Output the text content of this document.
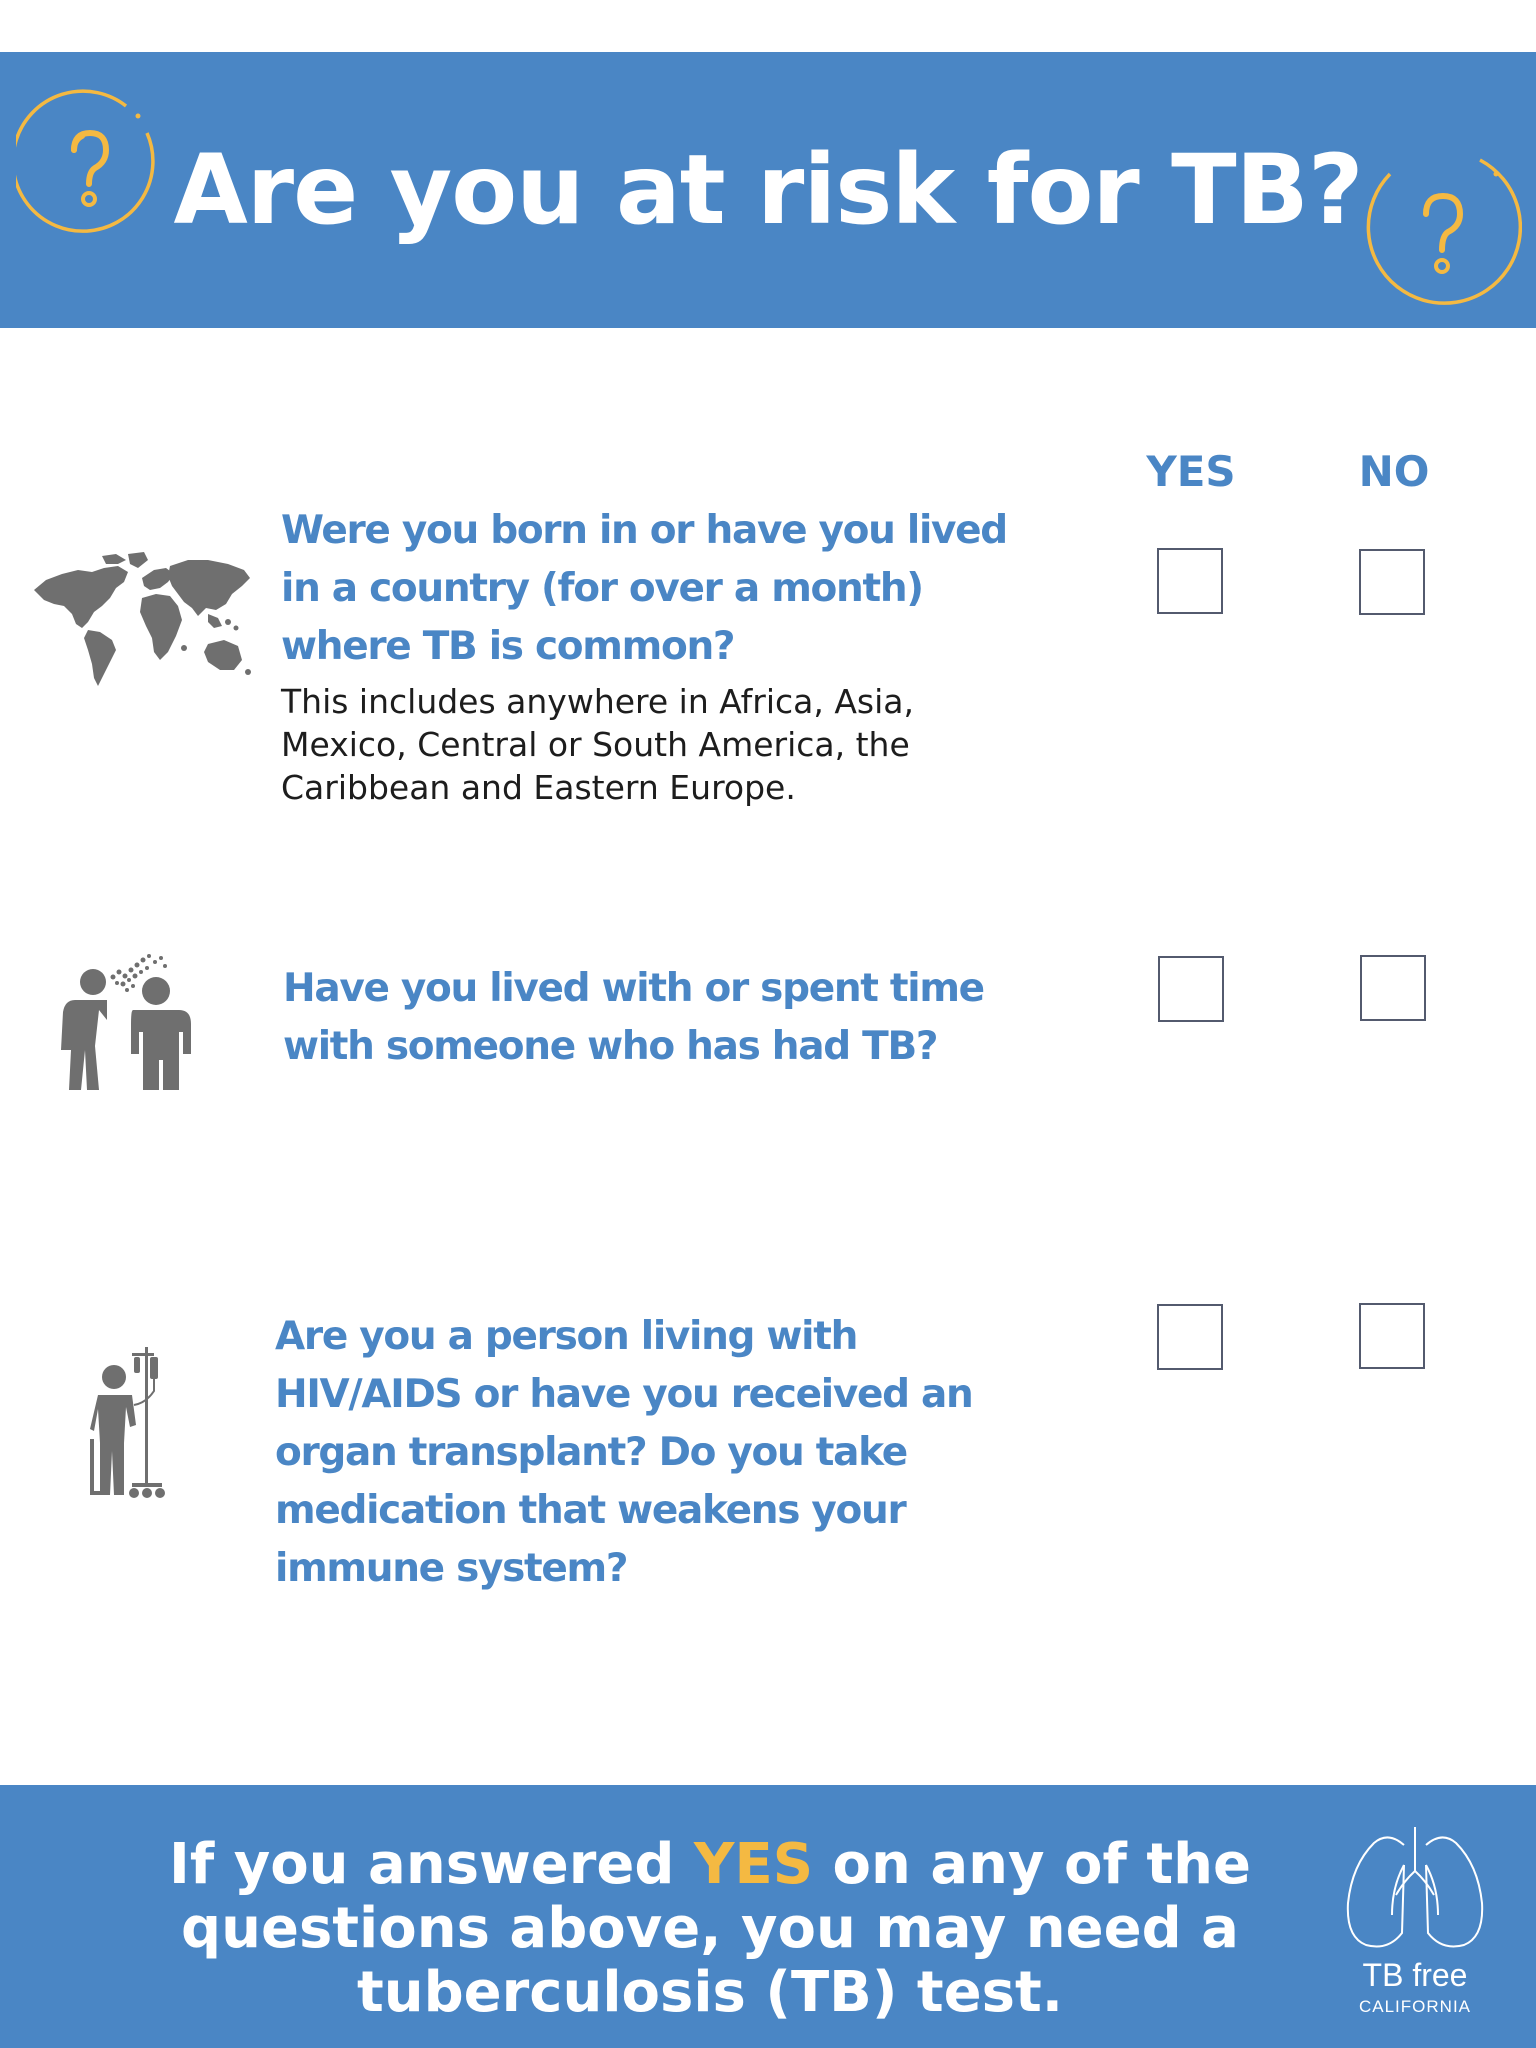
Are you at risk for TB?
YES	NO

Were you born in or have you lived in a country (for over a month) where TB is common?

This includes anywhere in Africa, Asia, Mexico, Central or South America, the Caribbean and Eastern Europe.

Have you lived with or spent time with someone who has had TB?

Are you a person living with HIV/AIDS or have you received an organ transplant? Do you take medication that weakens your immune system?

If you answered YES on any of the questions above, you may need a tuberculosis (TB) test.	TB free
CALIFORNIA
